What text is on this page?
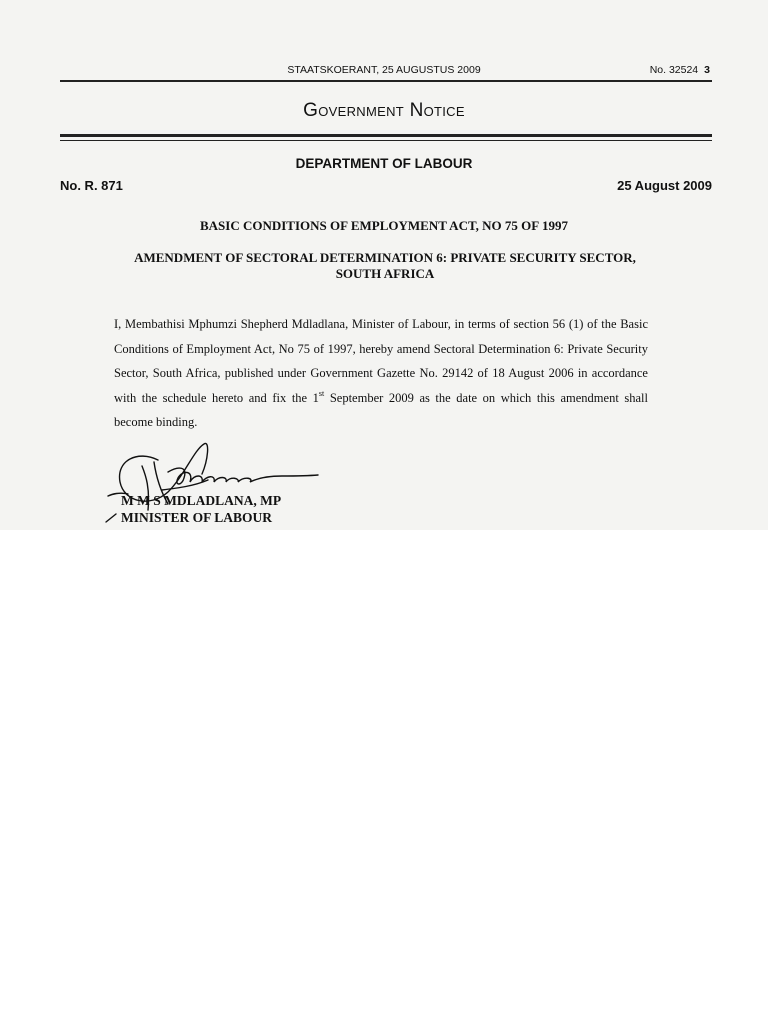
STAATSKOERANT, 25 AUGUSTUS 2009	No. 32524 3
Government Notice
DEPARTMENT OF LABOUR
No. R. 871	25 August 2009
BASIC CONDITIONS OF EMPLOYMENT ACT, NO 75 OF 1997
AMENDMENT OF SECTORAL DETERMINATION 6: PRIVATE SECURITY SECTOR, SOUTH AFRICA
I, Membathisi Mphumzi Shepherd Mdladlana, Minister of Labour, in terms of section 56 (1) of the Basic Conditions of Employment Act, No 75 of 1997, hereby amend Sectoral Determination 6: Private Security Sector, South Africa, published under Government Gazette No. 29142 of 18 August 2006 in accordance with the schedule hereto and fix the 1st September 2009 as the date on which this amendment shall become binding.
M M S MDLADLANA, MP
MINISTER OF LABOUR
